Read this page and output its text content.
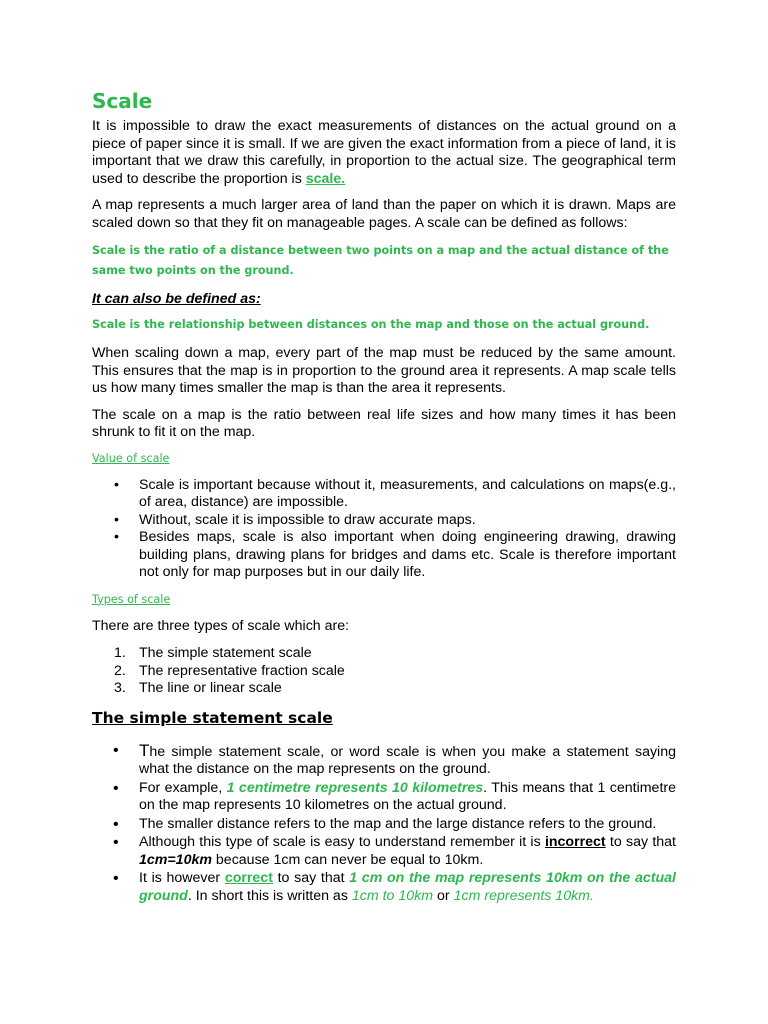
Scale

It is impossible to draw the exact measurements of distances on the actual ground on a piece of paper since it is small. If we are given the exact information from a piece of land, it is important that we draw this carefully, in proportion to the actual size. The geographical term used to describe the proportion is scale.

A map represents a much larger area of land than the paper on which it is drawn. Maps are scaled down so that they fit on manageable pages. A scale can be defined as follows:

Scale is the ratio of a distance between two points on a map and the actual distance of the same two points on the ground.

It can also be defined as:

Scale is the relationship between distances on the map and those on the actual ground.

When scaling down a map, every part of the map must be reduced by the same amount. This ensures that the map is in proportion to the ground area it represents. A map scale tells us how many times smaller the map is than the area it represents.

The scale on a map is the ratio between real life sizes and how many times it has been shrunk to fit it on the map.

Value of scale

• Scale is important because without it, measurements, and calculations on maps(e.g., of area, distance) are impossible.
• Without, scale it is impossible to draw accurate maps.
• Besides maps, scale is also important when doing engineering drawing, drawing building plans, drawing plans for bridges and dams etc. Scale is therefore important not only for map purposes but in our daily life.

Types of scale

There are three types of scale which are:

1. The simple statement scale
2. The representative fraction scale
3. The line or linear scale
The simple statement scale
• The simple statement scale, or word scale is when you make a statement saying what the distance on the map represents on the ground.
• For example, 1 centimetre represents 10 kilometres. This means that 1 centimetre on the map represents 10 kilometres on the actual ground.
• The smaller distance refers to the map and the large distance refers to the ground.
• Although this type of scale is easy to understand remember it is incorrect to say that 1cm=10km because 1cm can never be equal to 10km.
• It is however correct to say that 1 cm on the map represents 10km on the actual ground. In short this is written as 1cm to 10km or 1cm represents 10km.
